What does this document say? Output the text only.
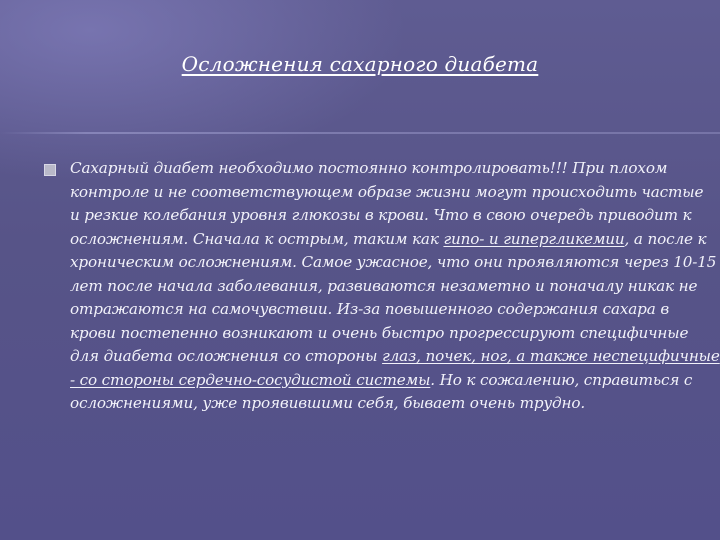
Осложнения сахарного диабета
Сахарный диабет необходимо постоянно контролировать!!! При плохом
контроле и не соответствующем образе жизни могут происходить частые
и резкие колебания уровня глюкозы в крови. Что в свою очередь приводит к
осложнениям. Сначала к острым, таким как гипо- и гипергликемии, а после к
хроническим осложнениям. Самое ужасное, что они проявляются через 10-15
лет после начала заболевания, развиваются незаметно и поначалу никак не
отражаются на самочувствии. Из-за повышенного содержания сахара в
крови постепенно возникают и очень быстро прогрессируют специфичные
для диабета осложнения со стороны глаз, почек, ног, а также неспецифичные
- со стороны сердечно-сосудистой системы. Но к сожалению, справиться с
осложнениями, уже проявившими себя, бывает очень трудно.
